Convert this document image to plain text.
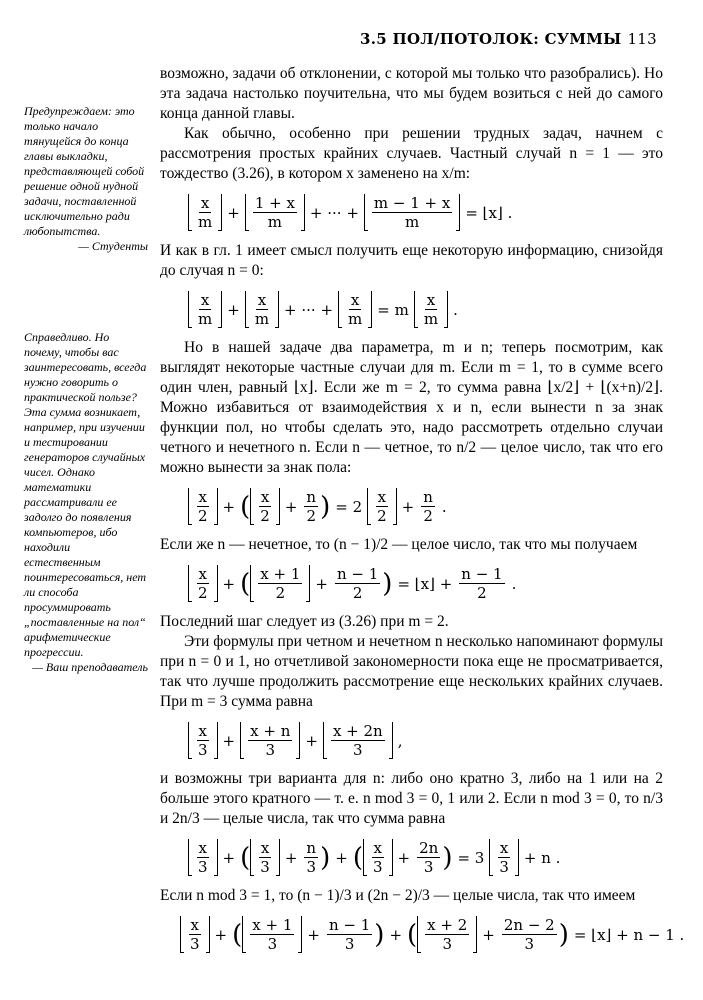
3.5 ПОЛ/ПОТОЛОК: СУММЫ 113

Предупреждаем: это только начало тянущейся до конца главы выкладки, представляющей собой решение одной нудной задачи, поставленной исключительно ради любопытства.

— Студенты

Справедливо. Но почему, чтобы вас заинтересовать, всегда нужно говорить о практической пользе? Эта сумма возникает, например, при изучении и тестировании генераторов случайных чисел. Однако математики рассматривали ее задолго до появления компьютеров, ибо находили естественным поинтересоваться, нет ли способа просуммировать „поставленные на пол“ арифметические прогрессии.

— Ваш преподаватель

возможно, задачи об отклонении, с которой мы только что разобрались). Но эта задача настолько поучительна, что мы будем возиться с ней до самого конца данной главы.

Как обычно, особенно при решении трудных задач, начнем с рассмотрения простых крайних случаев. Частный случай n = 1 — это тождество (3.26), в котором x заменено на x/m:

x
m
+
1 + x
m
+ ··· +
m − 1 + x
m
= ⌊x⌋ .

И как в гл. 1 имеет смысл получить еще некоторую информацию, снизойдя до случая n = 0:

x
m
+
x
m
+ ··· +
x
m
= m
x
m
.

Но в нашей задаче два параметра, m и n; теперь посмотрим, как выглядят некоторые частные случаи для m. Если m = 1, то в сумме всего один член, равный ⌊x⌋. Если же m = 2, то сумма равна ⌊x/2⌋ + ⌊(x+n)/2⌋. Можно избавиться от взаимодействия x и n, если вынести n за знак функции пол, но чтобы сделать это, надо рассмотреть отдельно случаи четного и нечетного n. Если n — четное, то n/2 — целое число, так что его можно вынести за знак пола:

x
2
+ ( x
2
+ $\frac{n}{2}$ ) = 2
x
2
+ $\frac{n}{2}$ .

Если же n — нечетное, то (n − 1)/2 — целое число, так что мы получаем

x
2
+ ( x + 1
2
+ $\frac{n - 1}{2}$ ) = ⌊x⌋ + $\frac{n - 1}{2}$ .

Последний шаг следует из (3.26) при m = 2.

Эти формулы при четном и нечетном n несколько напоминают формулы при n = 0 и 1, но отчетливой закономерности пока еще не просматривается, так что лучше продолжить рассмотрение еще нескольких крайних случаев. При m = 3 сумма равна

x
3
+
x + n
3
+
x + 2n
3
,

и возможны три варианта для n: либо оно кратно 3, либо на 1 или на 2 больше этого кратного — т. е. n mod 3 = 0, 1 или 2. Если n mod 3 = 0, то n/3 и 2n/3 — целые числа, так что сумма равна

x
3
+ ( x
3
+ $\frac{n}{3}$ ) + ( x
3
+ $\frac{2n}{3}$ ) = 3
x
3
+ n .

Если n mod 3 = 1, то (n − 1)/3 и (2n − 2)/3 — целые числа, так что имеем

x
3
+ ( x + 1
3
+ $\frac{n - 1}{3}$ ) + ( x + 2
3
+ $\frac{2n - 2}{3}$ ) = ⌊x⌋ + n − 1 .
